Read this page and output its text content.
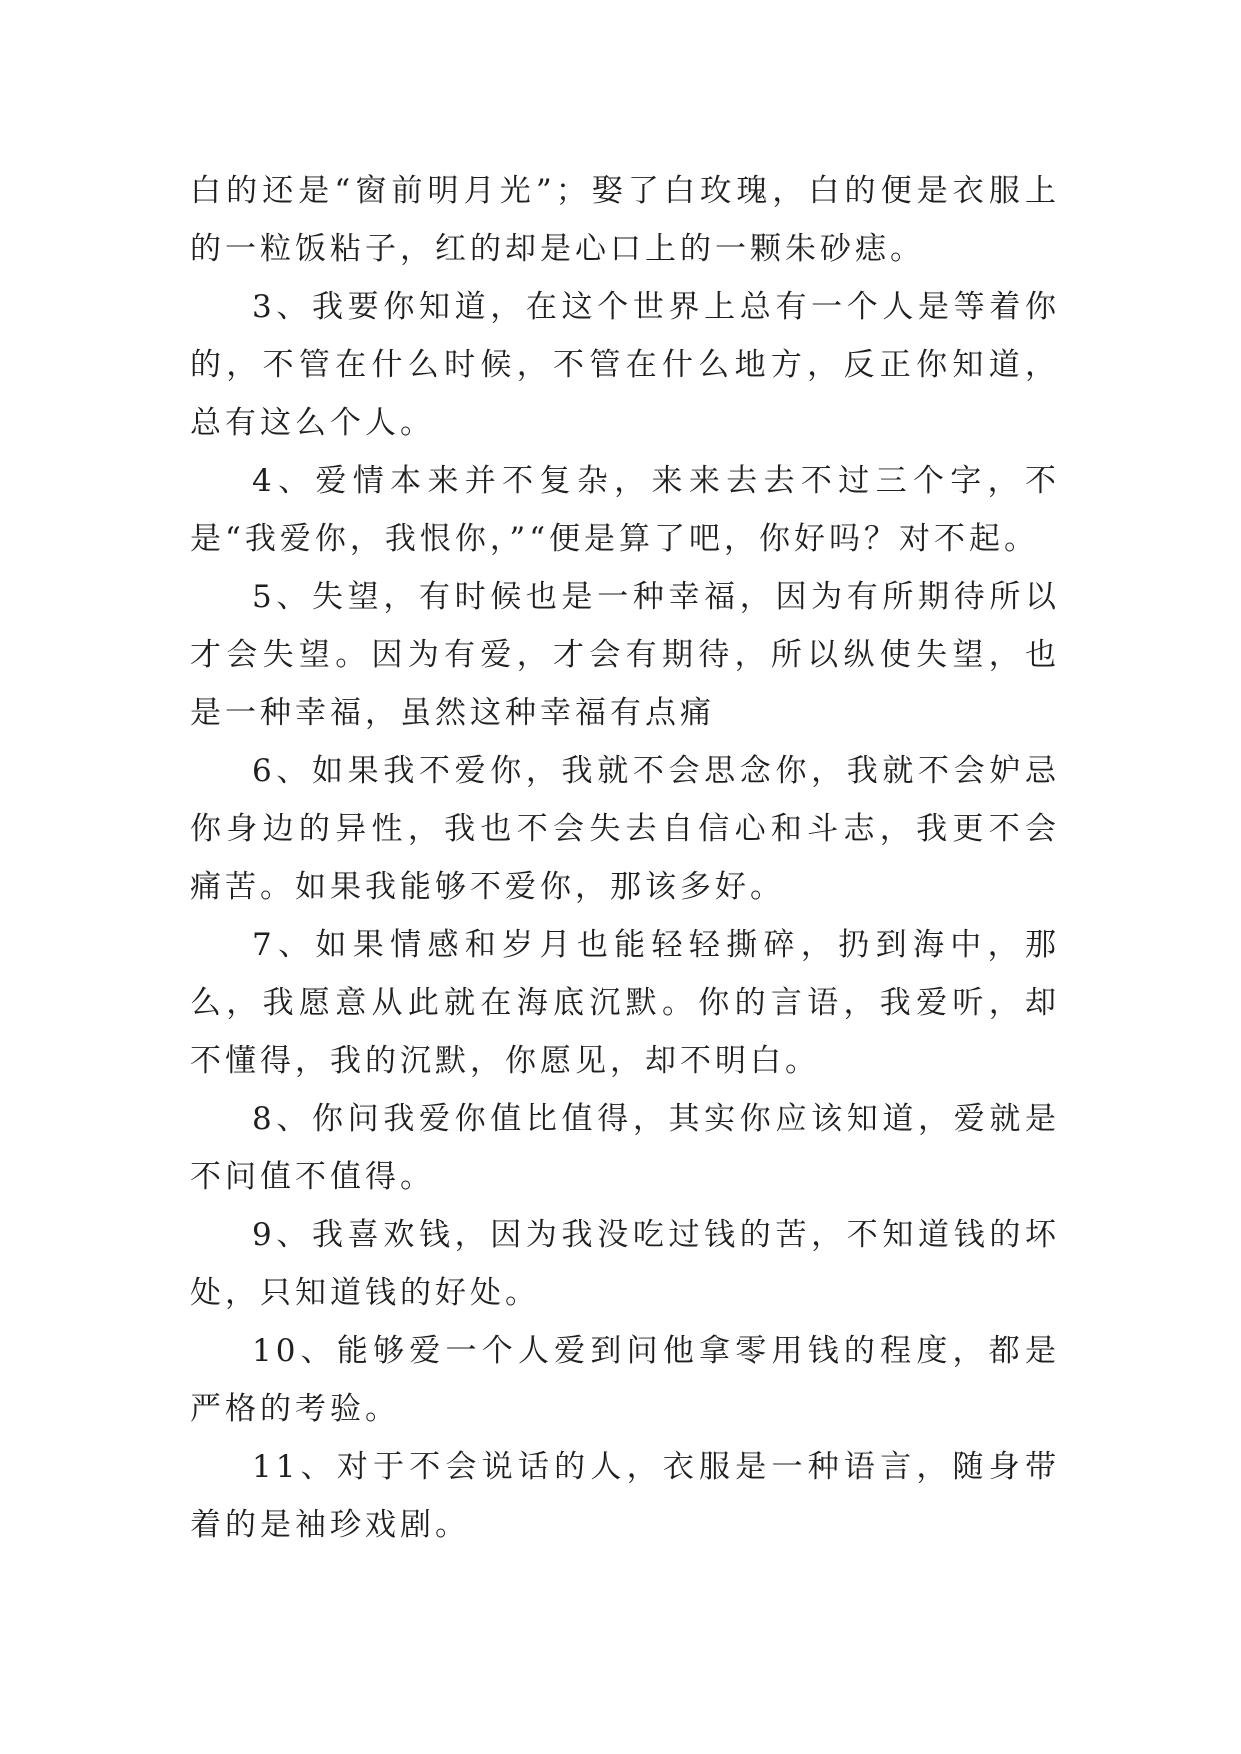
白的还是“窗前明月光”；娶了白玫瑰，白的便是衣服上的一粒饭粘子，红的却是心口上的一颗朱砂痣。

3、我要你知道，在这个世界上总有一个人是等着你的，不管在什么时候，不管在什么地方，反正你知道，总有这么个人。

4、爱情本来并不复杂，来来去去不过三个字，不是“我爱你，我恨你，”“便是算了吧，你好吗？对不起。

5、失望，有时候也是一种幸福，因为有所期待所以才会失望。因为有爱，才会有期待，所以纵使失望，也是一种幸福，虽然这种幸福有点痛

6、如果我不爱你，我就不会思念你，我就不会妒忌你身边的异性，我也不会失去自信心和斗志，我更不会痛苦。如果我能够不爱你，那该多好。

7、如果情感和岁月也能轻轻撕碎，扔到海中，那么，我愿意从此就在海底沉默。你的言语，我爱听，却不懂得，我的沉默，你愿见，却不明白。

8、你问我爱你值比值得，其实你应该知道，爱就是不问值不值得。

9、我喜欢钱，因为我没吃过钱的苦，不知道钱的坏处，只知道钱的好处。

10、能够爱一个人爱到问他拿零用钱的程度，都是严格的考验。

11、对于不会说话的人，衣服是一种语言，随身带着的是袖珍戏剧。
